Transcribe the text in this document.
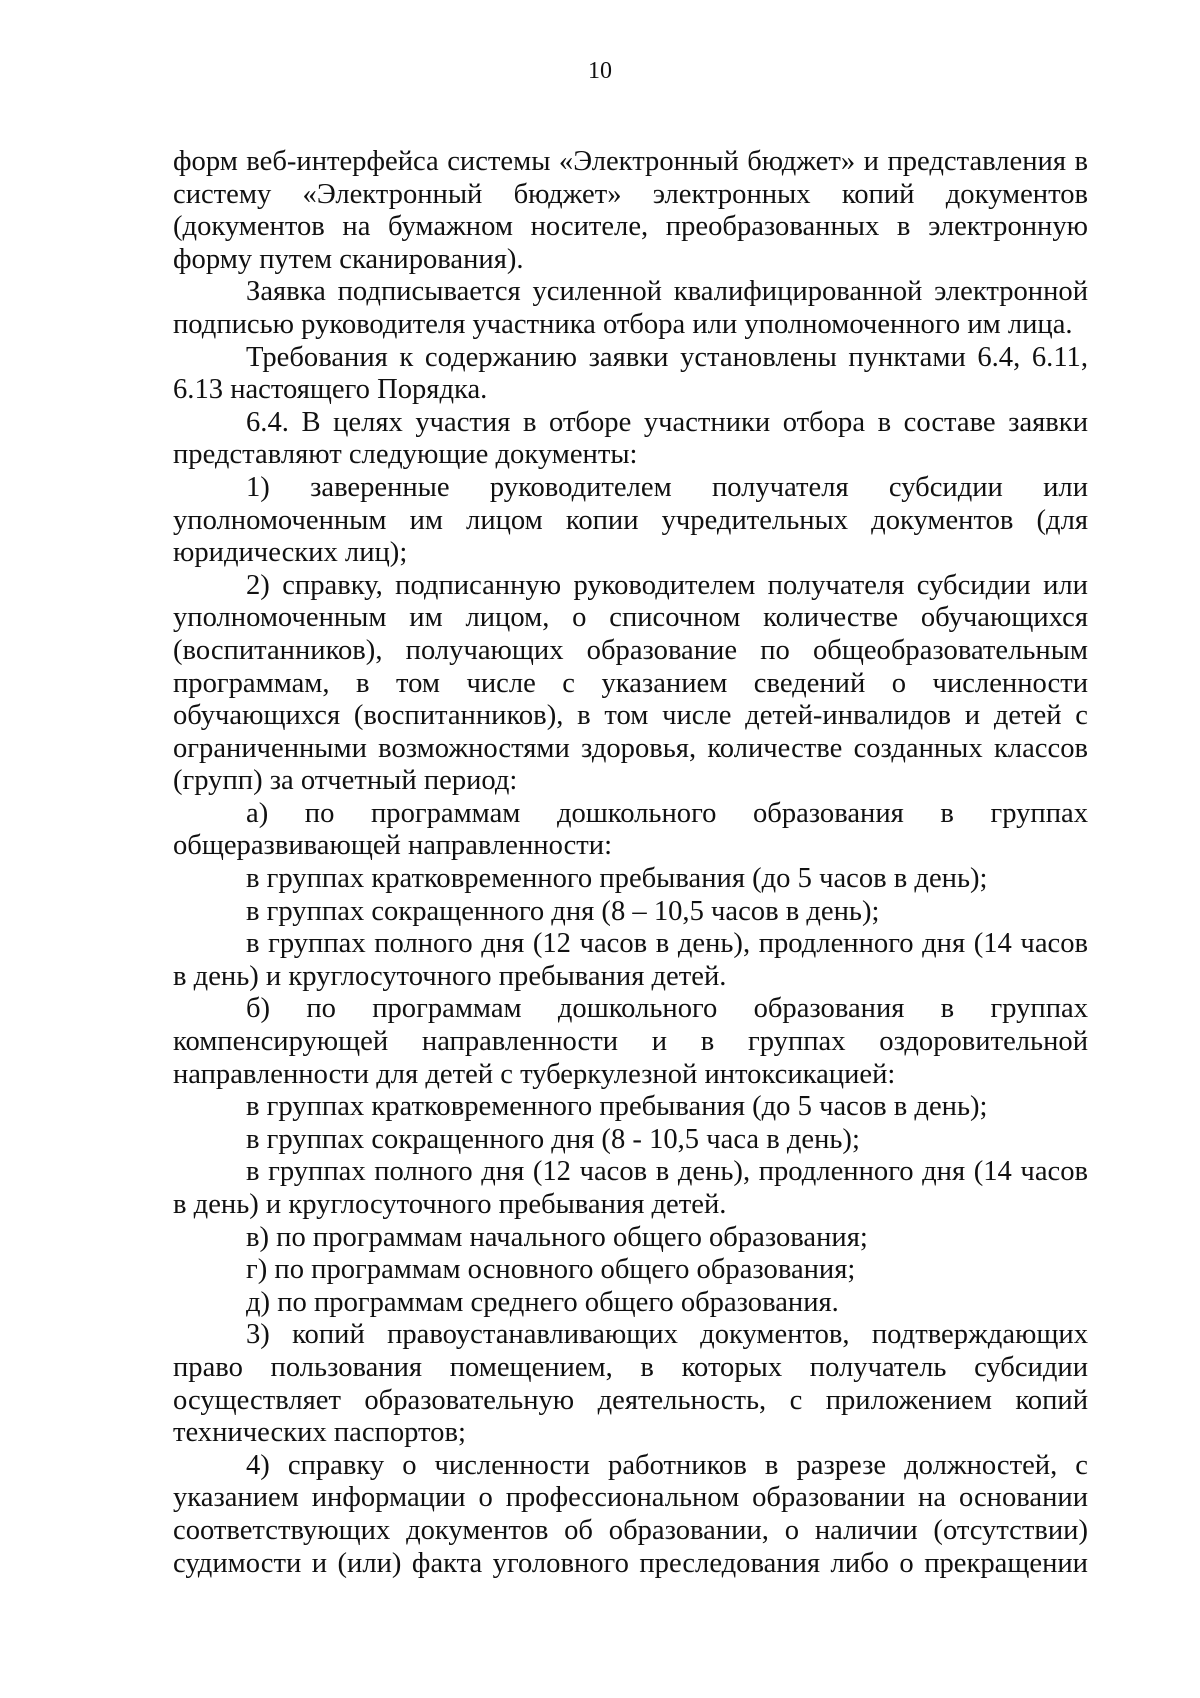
10

форм веб-интерфейса системы «Электронный бюджет» и представления в систему «Электронный бюджет» электронных копий документов (документов на бумажном носителе, преобразованных в электронную форму путем сканирования).

Заявка подписывается усиленной квалифицированной электронной подписью руководителя участника отбора или уполномоченного им лица.

Требования к содержанию заявки установлены пунктами 6.4, 6.11, 6.13 настоящего Порядка.

6.4. В целях участия в отборе участники отбора в составе заявки представляют следующие документы:

1) заверенные руководителем получателя субсидии или уполномоченным им лицом копии учредительных документов (для юридических лиц);

2) справку, подписанную руководителем получателя субсидии или уполномоченным им лицом, о списочном количестве обучающихся (воспитанников), получающих образование по общеобразовательным программам, в том числе с указанием сведений о численности обучающихся (воспитанников), в том числе детей-инвалидов и детей с ограниченными возможностями здоровья, количестве созданных классов (групп) за отчетный период:

а) по программам дошкольного образования в группах общеразвивающей направленности:

в группах кратковременного пребывания (до 5 часов в день);

в группах сокращенного дня (8 – 10,5 часов в день);

в группах полного дня (12 часов в день), продленного дня (14 часов в день) и круглосуточного пребывания детей.

б) по программам дошкольного образования в группах компенсирующей направленности и в группах оздоровительной направленности для детей с туберкулезной интоксикацией:

в группах кратковременного пребывания (до 5 часов в день);

в группах сокращенного дня (8 - 10,5 часа в день);

в группах полного дня (12 часов в день), продленного дня (14 часов в день) и круглосуточного пребывания детей.

в) по программам начального общего образования;

г) по программам основного общего образования;

д) по программам среднего общего образования.

3) копий правоустанавливающих документов, подтверждающих право пользования помещением, в которых получатель субсидии осуществляет образовательную деятельность, с приложением копий технических паспортов;

4) справку о численности работников в разрезе должностей, с указанием информации о профессиональном образовании на основании соответствующих документов об образовании, о наличии (отсутствии) судимости и (или) факта уголовного преследования либо о прекращении
